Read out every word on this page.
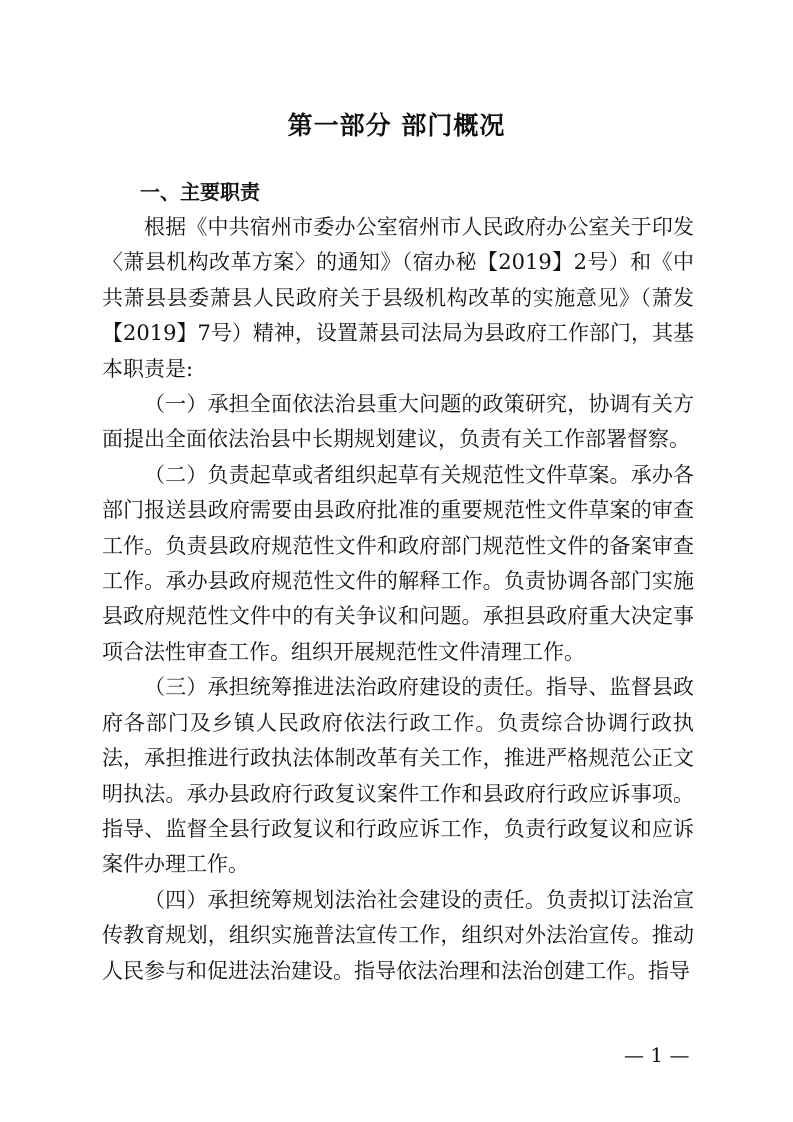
第一部分 部门概况
一、主要职责

根据《中共宿州市委办公室宿州市人民政府办公室关于印发〈萧县机构改革方案〉的通知》（宿办秘【2019】2号）和《中共萧县县委萧县人民政府关于县级机构改革的实施意见》（萧发【2019】7号）精神，设置萧县司法局为县政府工作部门，其基本职责是:

（一）承担全面依法治县重大问题的政策研究，协调有关方面提出全面依法治县中长期规划建议，负责有关工作部署督察。

（二）负责起草或者组织起草有关规范性文件草案。承办各部门报送县政府需要由县政府批准的重要规范性文件草案的审查工作。负责县政府规范性文件和政府部门规范性文件的备案审查工作。承办县政府规范性文件的解释工作。负责协调各部门实施县政府规范性文件中的有关争议和问题。承担县政府重大决定事项合法性审查工作。组织开展规范性文件清理工作。

（三）承担统筹推进法治政府建设的责任。指导、监督县政府各部门及乡镇人民政府依法行政工作。负责综合协调行政执法，承担推进行政执法体制改革有关工作，推进严格规范公正文明执法。承办县政府行政复议案件工作和县政府行政应诉事项。指导、监督全县行政复议和行政应诉工作，负责行政复议和应诉案件办理工作。

（四）承担统筹规划法治社会建设的责任。负责拟订法治宣传教育规划，组织实施普法宣传工作，组织对外法治宣传。推动人民参与和促进法治建设。指导依法治理和法治创建工作。指导

— 1 —
